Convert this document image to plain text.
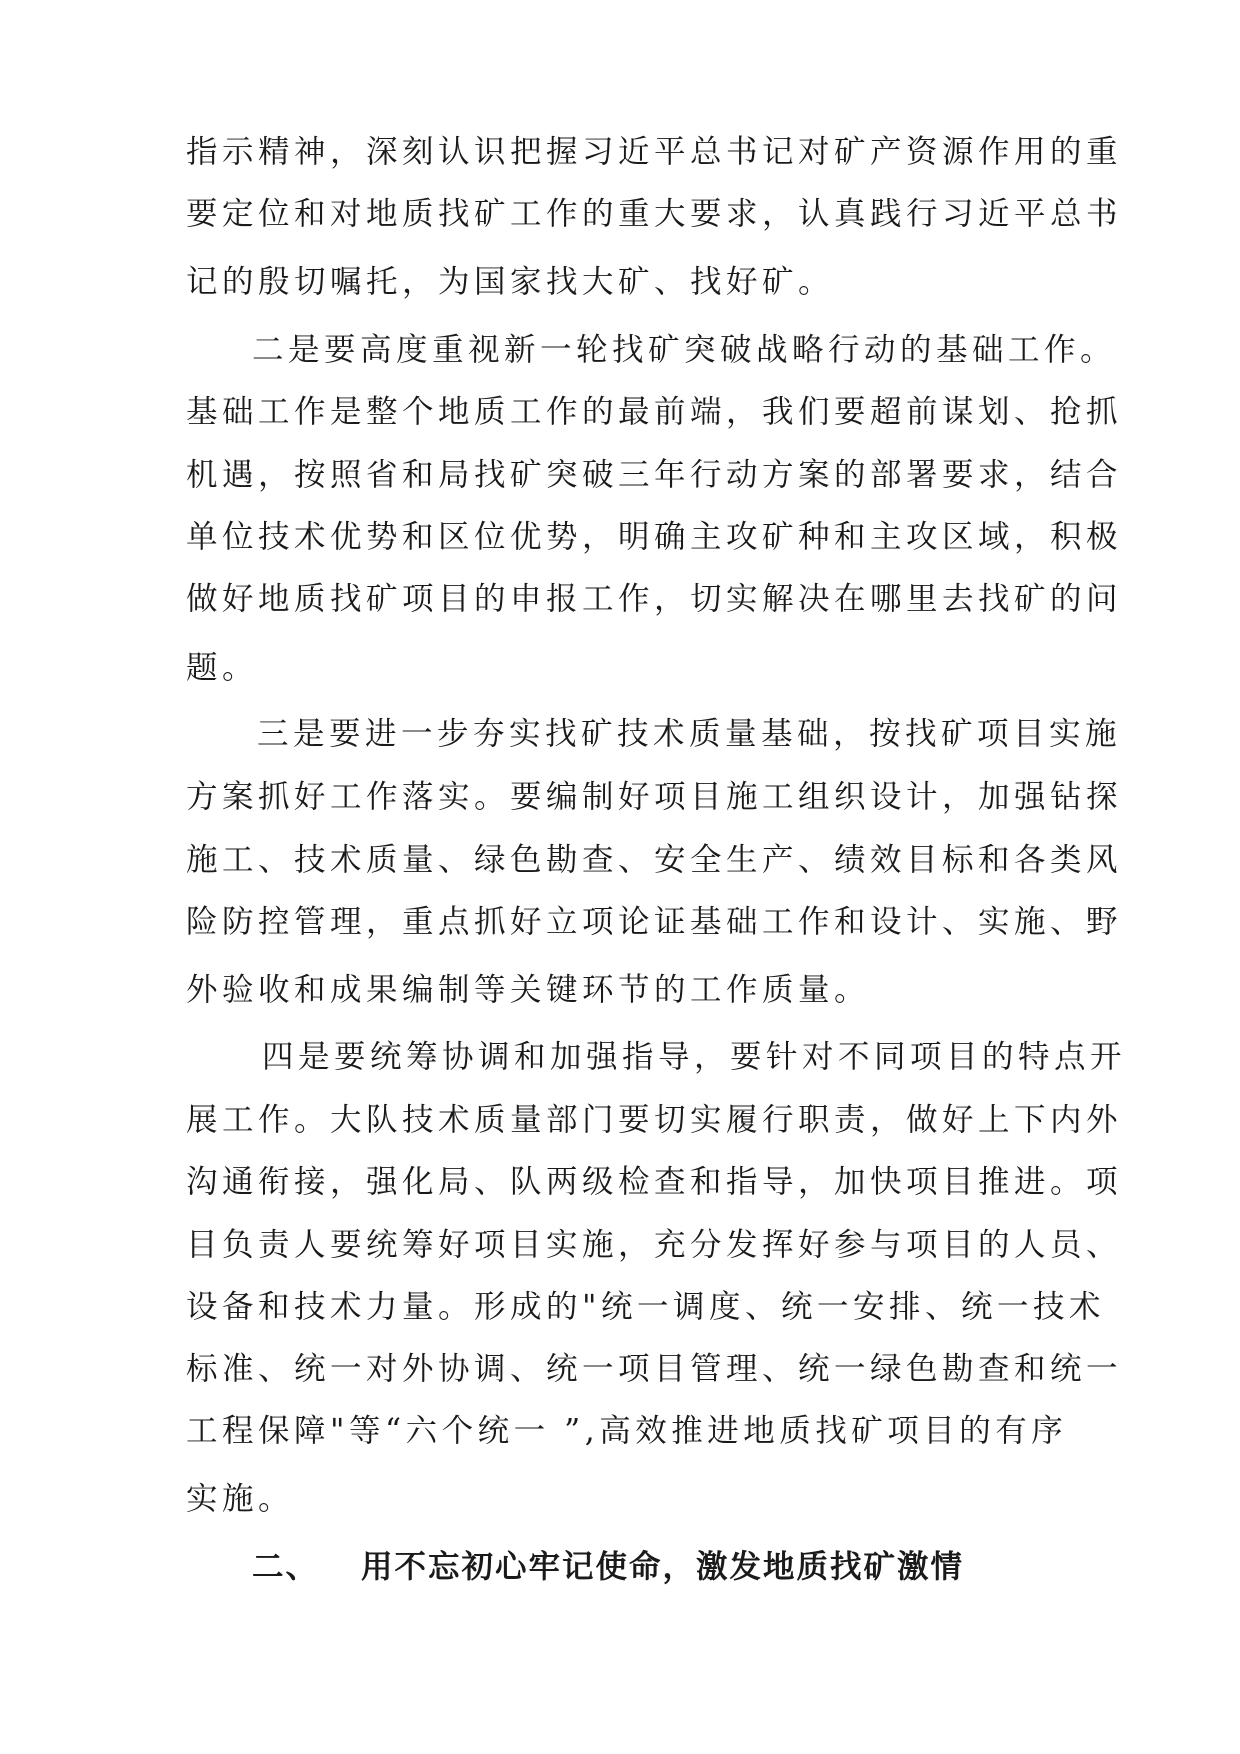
指示精神，深刻认识把握习近平总书记对矿产资源作用的重
要定位和对地质找矿工作的重大要求，认真践行习近平总书
记的殷切嘱托，为国家找大矿、找好矿。
二是要高度重视新一轮找矿突破战略行动的基础工作。
基础工作是整个地质工作的最前端，我们要超前谋划、抢抓
机遇，按照省和局找矿突破三年行动方案的部署要求，结合
单位技术优势和区位优势，明确主攻矿种和主攻区域，积极
做好地质找矿项目的申报工作，切实解决在哪里去找矿的问
题。
三是要进一步夯实找矿技术质量基础，按找矿项目实施
方案抓好工作落实。要编制好项目施工组织设计，加强钻探
施工、技术质量、绿色勘查、安全生产、绩效目标和各类风
险防控管理，重点抓好立项论证基础工作和设计、实施、野
外验收和成果编制等关键环节的工作质量。
四是要统筹协调和加强指导，要针对不同项目的特点开
展工作。大队技术质量部门要切实履行职责，做好上下内外
沟通衔接，强化局、队两级检查和指导，加快项目推进。项
目负责人要统筹好项目实施，充分发挥好参与项目的人员、
设备和技术力量。形成的"统一调度、统一安排、统一技术
标准、统一对外协调、统一项目管理、统一绿色勘查和统一
工程保障"等“六个统一 ”,高效推进地质找矿项目的有序
实施。
二、 用不忘初心牢记使命，激发地质找矿激情
